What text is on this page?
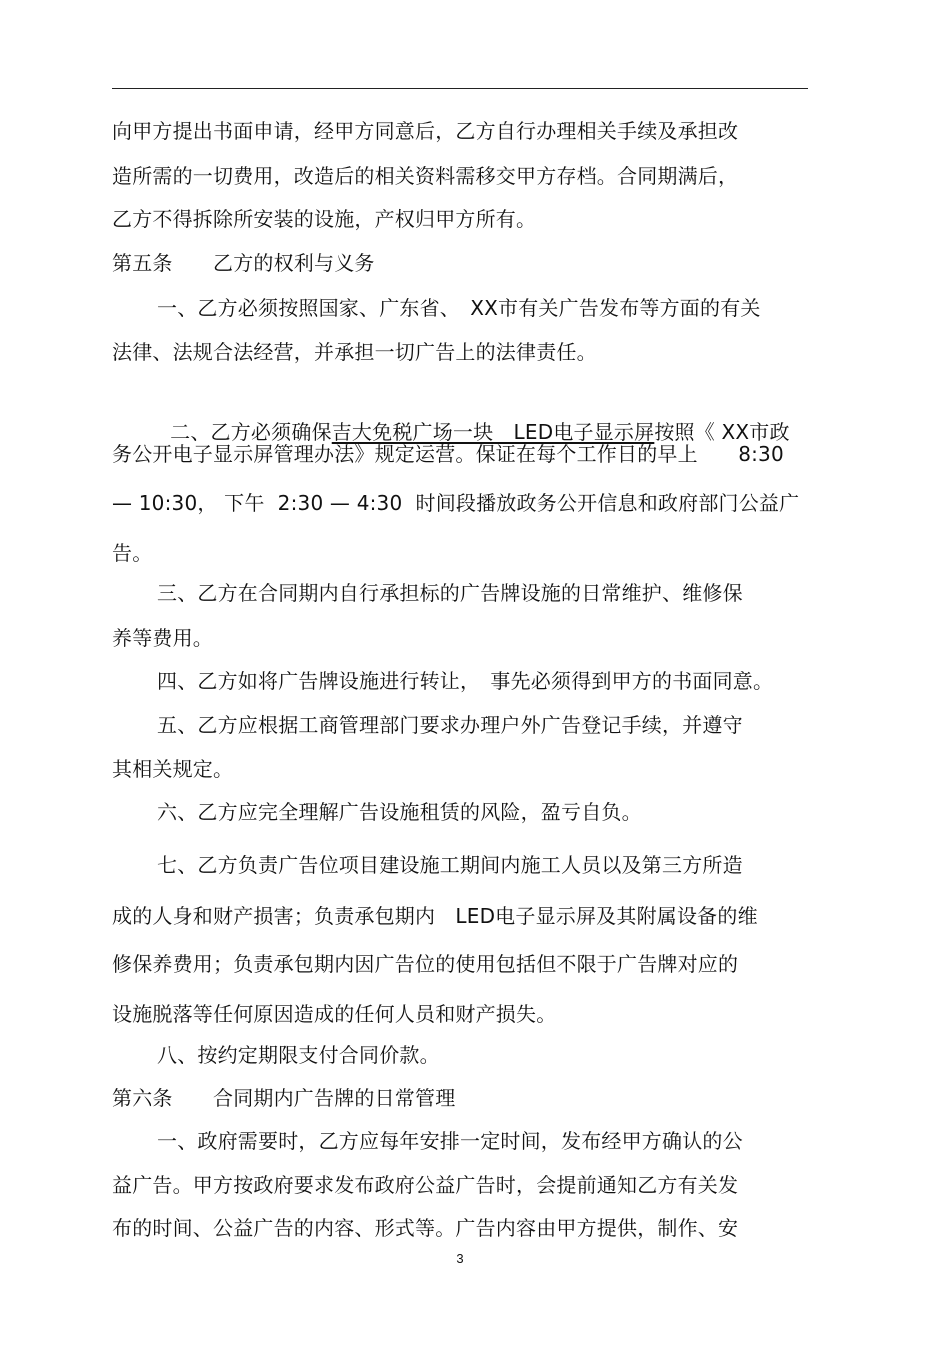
向甲方提出书面申请，经甲方同意后，乙方自行办理相关手续及承担改
造所需的一切费用，改造后的相关资料需移交甲方存档。合同期满后，
乙方不得拆除所安装的设施，产权归甲方所有。
第五条　　乙方的权利与义务
一、乙方必须按照国家、广东省、　XX市有关广告发布等方面的有关
法律、法规合法经营，并承担一切广告上的法律责任。

二、乙方必须确保吉大免税广场一块　LED电子显示屏按照《 XX市政

务公开电子显示屏管理办法》规定运营。保证在每个工作日的早上　　8:30
— 10:30， 下午  2:30 — 4:30  时间段播放政务公开信息和政府部门公益广
告。
三、乙方在合同期内自行承担标的广告牌设施的日常维护、维修保
养等费用。
四、乙方如将广告牌设施进行转让，　事先必须得到甲方的书面同意。
五、乙方应根据工商管理部门要求办理户外广告登记手续，并遵守
其相关规定。
六、乙方应完全理解广告设施租赁的风险，盈亏自负。
七、乙方负责广告位项目建设施工期间内施工人员以及第三方所造
成的人身和财产损害；负责承包期内　LED电子显示屏及其附属设备的维
修保养费用；负责承包期内因广告位的使用包括但不限于广告牌对应的
设施脱落等任何原因造成的任何人员和财产损失。
八、按约定期限支付合同价款。
第六条　　合同期内广告牌的日常管理
一、政府需要时，乙方应每年安排一定时间，发布经甲方确认的公
益广告。甲方按政府要求发布政府公益广告时，会提前通知乙方有关发
布的时间、公益广告的内容、形式等。广告内容由甲方提供，制作、安
3
